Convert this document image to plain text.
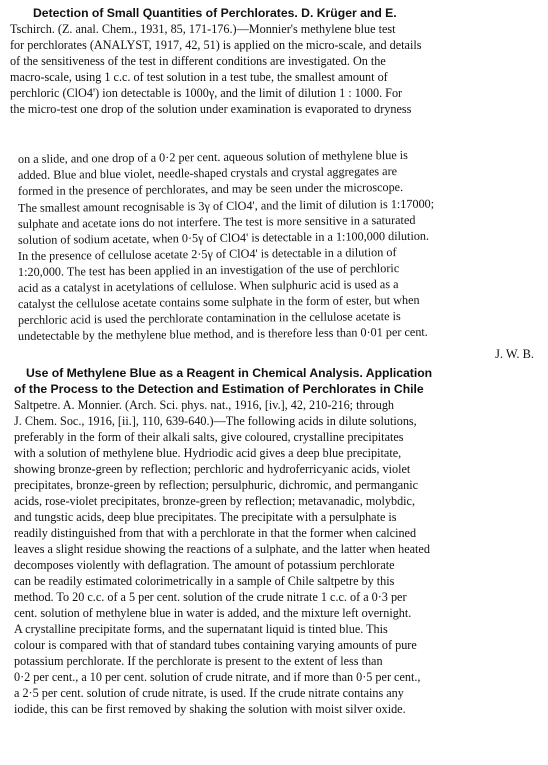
Detection of Small Quantities of Perchlorates. D. Krüger and E.
Tschirch. (Z. anal. Chem., 1931, 85, 171-176.)—Monnier's methylene blue test
for perchlorates (ANALYST, 1917, 42, 51) is applied on the micro-scale, and details
of the sensitiveness of the test in different conditions are investigated. On the
macro-scale, using 1 c.c. of test solution in a test tube, the smallest amount of
perchloric (ClO4') ion detectable is 1000γ, and the limit of dilution 1 : 1000. For
the micro-test one drop of the solution under examination is evaporated to dryness
on a slide, and one drop of a 0·2 per cent. aqueous solution of methylene blue is
added. Blue and blue violet, needle-shaped crystals and crystal aggregates are
formed in the presence of perchlorates, and may be seen under the microscope.
The smallest amount recognisable is 3γ of ClO4', and the limit of dilution is 1:17000;
sulphate and acetate ions do not interfere. The test is more sensitive in a saturated
solution of sodium acetate, when 0·5γ of ClO4' is detectable in a 1:100,000 dilution.
In the presence of cellulose acetate 2·5γ of ClO4' is detectable in a dilution of
1:20,000. The test has been applied in an investigation of the use of perchloric
acid as a catalyst in acetylations of cellulose. When sulphuric acid is used as a
catalyst the cellulose acetate contains some sulphate in the form of ester, but when
perchloric acid is used the perchlorate contamination in the cellulose acetate is
undetectable by the methylene blue method, and is therefore less than 0·01 per cent.
J. W. B.
Use of Methylene Blue as a Reagent in Chemical Analysis. Application
of the Process to the Detection and Estimation of Perchlorates in Chile
Saltpetre. A. Monnier. (Arch. Sci. phys. nat., 1916, [iv.], 42, 210-216; through
J. Chem. Soc., 1916, [ii.], 110, 639-640.)—The following acids in dilute solutions,
preferably in the form of their alkali salts, give coloured, crystalline precipitates
with a solution of methylene blue. Hydriodic acid gives a deep blue precipitate,
showing bronze-green by reflection; perchloric and hydroferricyanic acids, violet
precipitates, bronze-green by reflection; persulphuric, dichromic, and permanganic
acids, rose-violet precipitates, bronze-green by reflection; metavanadic, molybdic,
and tungstic acids, deep blue precipitates. The precipitate with a persulphate is
readily distinguished from that with a perchlorate in that the former when calcined
leaves a slight residue showing the reactions of a sulphate, and the latter when heated
decomposes violently with deflagration. The amount of potassium perchlorate
can be readily estimated colorimetrically in a sample of Chile saltpetre by this
method. To 20 c.c. of a 5 per cent. solution of the crude nitrate 1 c.c. of a 0·3 per
cent. solution of methylene blue in water is added, and the mixture left overnight.
A crystalline precipitate forms, and the supernatant liquid is tinted blue. This
colour is compared with that of standard tubes containing varying amounts of pure
potassium perchlorate. If the perchlorate is present to the extent of less than
0·2 per cent., a 10 per cent. solution of crude nitrate, and if more than 0·5 per cent.,
a 2·5 per cent. solution of crude nitrate, is used. If the crude nitrate contains any
iodide, this can be first removed by shaking the solution with moist silver oxide.
